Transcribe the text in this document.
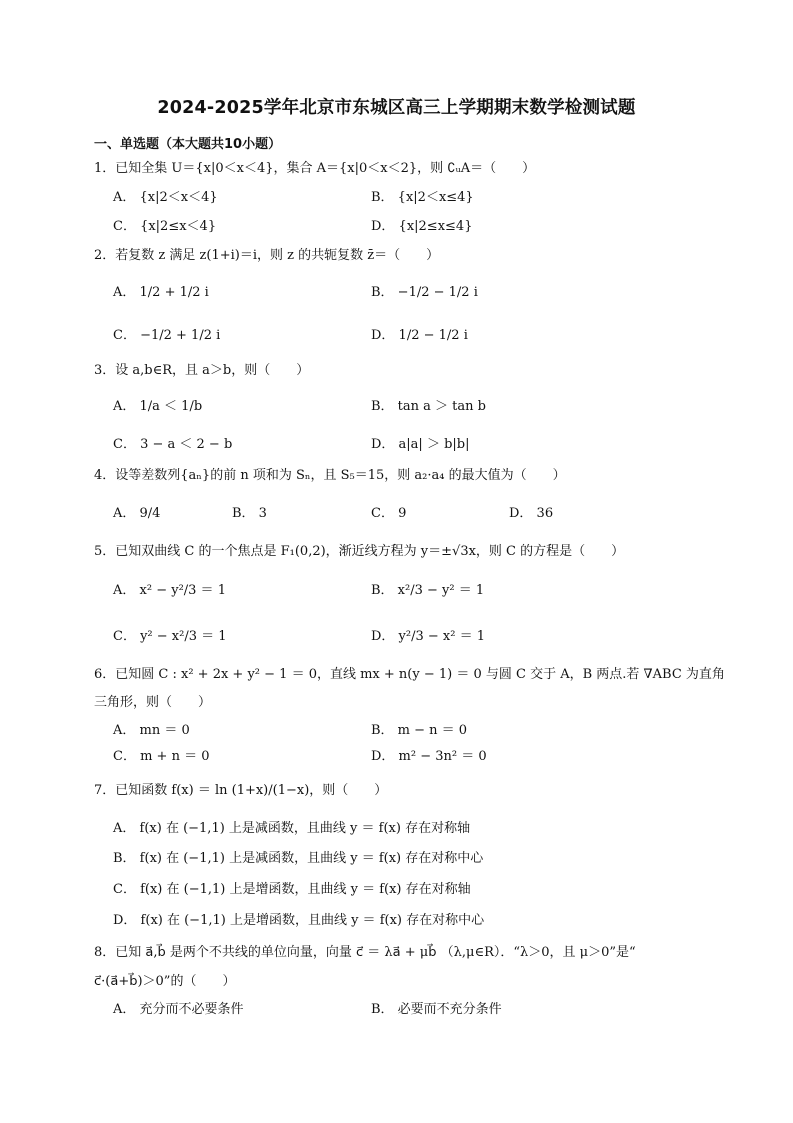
2024-2025学年北京市东城区高三上学期期末数学检测试题
一、单选题（本大题共10小题）
1．已知全集 U＝{x|0＜x＜4}，集合 A＝{x|0＜x＜2}，则 ∁ᵤA＝（　　）
A． {x|2＜x＜4}	B． {x|2＜x≤4}
C． {x|2≤x＜4}	D． {x|2≤x≤4}
2．若复数 z 满足 z(1+i)＝i，则 z 的共轭复数 z̄＝（　　）
A． 1/2 + 1/2 i	B． −1/2 − 1/2 i
C． −1/2 + 1/2 i	D． 1/2 − 1/2 i
3．设 a,b∈R，且 a＞b，则（　　）
A． 1/a ＜ 1/b	B． tan a ＞ tan b
C． 3 − a ＜ 2 − b	D． a|a| ＞ b|b|
4．设等差数列{aₙ}的前 n 项和为 Sₙ，且 S₅＝15，则 a₂·a₄ 的最大值为（　　）
A． 9/4	B． 3	C． 9	D． 36
5．已知双曲线 C 的一个焦点是 F₁(0,2)，渐近线方程为 y＝±√3x，则 C 的方程是（　　）
A． x² − y²/3 ＝ 1	B． x²/3 − y² ＝ 1
C． y² − x²/3 ＝ 1	D． y²/3 − x² ＝ 1
6．已知圆 C : x² + 2x + y² − 1 ＝ 0，直线 mx + n(y − 1) ＝ 0 与圆 C 交于 A，B 两点.若 ∇ABC 为直角
三角形，则（　　）
A． mn ＝ 0	B． m − n ＝ 0
C． m + n ＝ 0	D． m² − 3n² ＝ 0
7．已知函数 f(x) ＝ ln (1+x)/(1−x)，则（　　）
A． f(x) 在 (−1,1) 上是减函数，且曲线 y ＝ f(x) 存在对称轴
B． f(x) 在 (−1,1) 上是减函数，且曲线 y ＝ f(x) 存在对称中心
C． f(x) 在 (−1,1) 上是增函数，且曲线 y ＝ f(x) 存在对称轴
D． f(x) 在 (−1,1) 上是增函数，且曲线 y ＝ f(x) 存在对称中心
8．已知 a⃗,b⃗ 是两个不共线的单位向量，向量 c⃗ ＝ λa⃗ + μb⃗ （λ,μ∈R）．“λ＞0，且 μ＞0”是“
c⃗·(a⃗+b⃗)＞0”的（　　）
A． 充分而不必要条件	B． 必要而不充分条件
